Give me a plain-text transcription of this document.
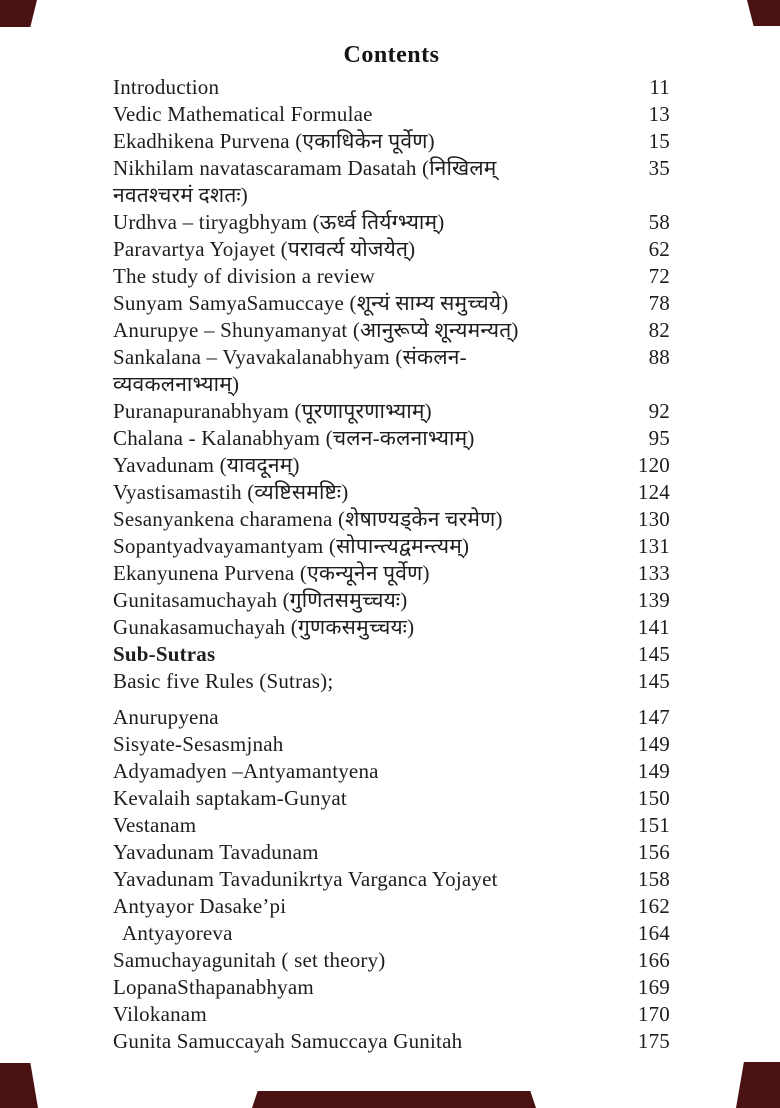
Contents
Introduction	11
Vedic Mathematical Formulae	13
Ekadhikena Purvena (एकाधिकेन पूर्वेण)	15
Nikhilam navatascaramam Dasatah (निखिलम्	35
नवतश्चरमं दशतः)
Urdhva – tiryagbhyam (ऊर्ध्व तिर्यग्भ्याम्)	58
Paravartya Yojayet (परावर्त्य योजयेत्)	62
The study of division a review	72
Sunyam SamyaSamuccaye (शून्यं साम्य समुच्चये)	78
Anurupye – Shunyamanyat (आनुरूप्ये शून्यमन्यत्)	82
Sankalana – Vyavakalanabhyam (संकलन-	88
व्यवकलनाभ्याम्)
Puranapuranabhyam (पूरणापूरणाभ्याम्)	92
Chalana - Kalanabhyam (चलन-कलनाभ्याम्)	95
Yavadunam (यावदूनम्)	120
Vyastisamastih (व्यष्टिसमष्टिः)	124
Sesanyankena charamena (शेषाण्यड्केन चरमेण)	130
Sopantyadvayamantyam (सोपान्त्यद्वमन्त्यम्)	131
Ekanyunena Purvena (एकन्यूनेन पूर्वेण)	133
Gunitasamuchayah (गुणितसमुच्चयः)	139
Gunakasamuchayah (गुणकसमुच्चयः)	141
Sub-Sutras	145
Basic five Rules (Sutras);	145
Anurupyena	147
Sisyate-Sesasmjnah	149
Adyamadyen –Antyamantyena	149
Kevalaih saptakam-Gunyat	150
Vestanam	151
Yavadunam Tavadunam	156
Yavadunam Tavadunikrtya Varganca Yojayet	158
Antyayor Dasake’pi	162
Antyayoreva	164
Samuchayagunitah ( set theory)	166
LopanaSthapanabhyam	169
Vilokanam	170
Gunita Samuccayah Samuccaya Gunitah	175
